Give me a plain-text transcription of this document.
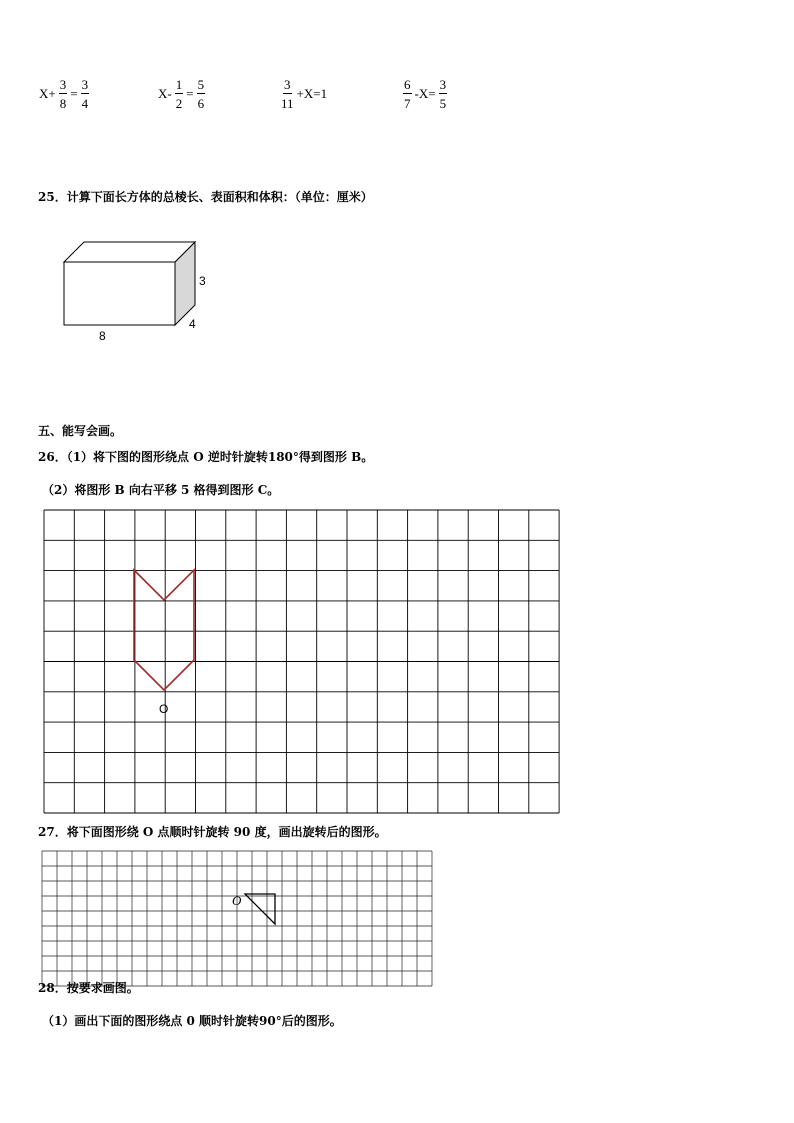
$X+ \frac{3}{8} = \frac{3}{4}$	$X- \frac{1}{2} = \frac{5}{6}$	$\frac{3}{11} +X=1$	$\frac{6}{7} -X= \frac{3}{5}$
25．计算下面长方体的总棱长、表面积和体积：（单位：厘米）
3
4
8
五、能写会画。
26．（1）将下图的图形绕点 O 逆时针旋转180°得到图形 B。
（2）将图形 B 向右平移 5 格得到图形 C。
O
27．将下面图形绕 O 点顺时针旋转 90 度，画出旋转后的图形。
O
28．按要求画图。
（1）画出下面的图形绕点 0 顺时针旋转90°后的图形。
